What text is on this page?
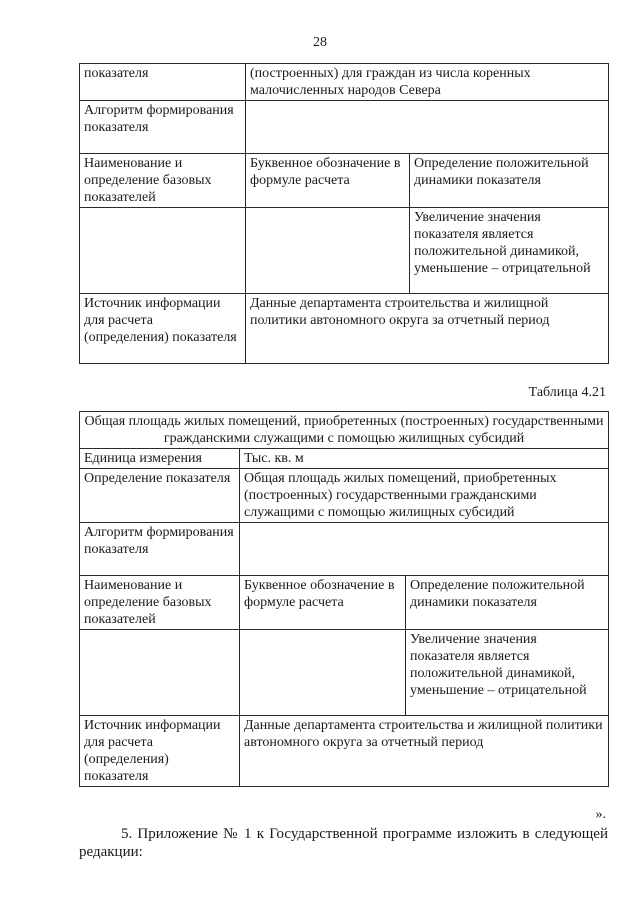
28
показателя	(построенных) для граждан из числа коренных малочисленных народов Севера	
Алгоритм формирования показателя		
Наименование и определение базовых показателей	Буквенное обозначение в формуле расчета	Определение положительной динамики показателя
		Увеличение значения показателя является положительной динамикой, уменьшение – отрицательной
Источник информации для расчета (определения) показателя	Данные департамента строительства и жилищной политики автономного округа за отчетный период	
Таблица 4.21
Общая площадь жилых помещений, приобретенных (построенных) государственными гражданскими служащими с помощью жилищных субсидий		
Единица измерения	Тыс. кв. м	
Определение показателя	Общая площадь жилых помещений, приобретенных (построенных) государственными гражданскими служащими с помощью жилищных субсидий	
Алгоритм формирования показателя		
Наименование и определение базовых показателей	Буквенное обозначение в формуле расчета	Определение положительной динамики показателя
		Увеличение значения показателя является положительной динамикой, уменьшение – отрицательной
Источник информации для расчета (определения) показателя	Данные департамента строительства и жилищной политики автономного округа за отчетный период	
».

5. Приложение № 1 к Государственной программе изложить в следующей редакции:
